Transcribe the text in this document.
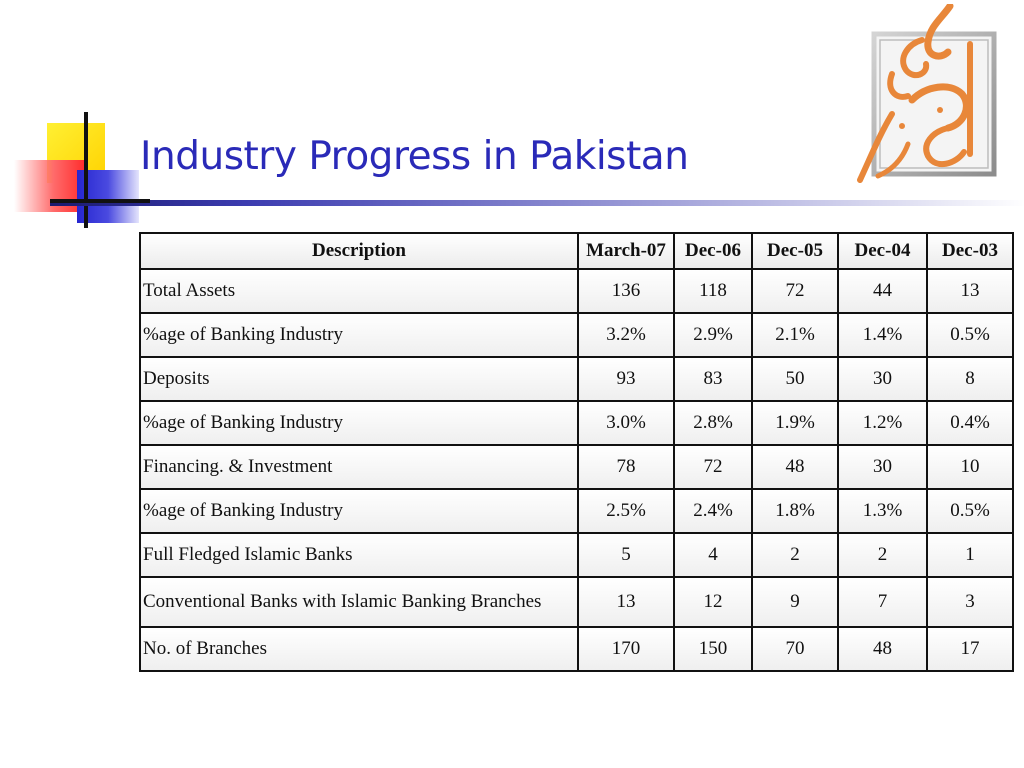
Industry Progress in Pakistan
Description	March-07	Dec-06	Dec-05	Dec-04	Dec-03
Total Assets	136	118	72	44	13
%age of Banking Industry	3.2%	2.9%	2.1%	1.4%	0.5%
Deposits	93	83	50	30	8
%age of Banking Industry	3.0%	2.8%	1.9%	1.2%	0.4%
Financing. & Investment	78	72	48	30	10
%age of Banking Industry	2.5%	2.4%	1.8%	1.3%	0.5%
Full Fledged Islamic Banks	5	4	2	2	1
Conventional Banks with Islamic Banking Branches	13	12	9	7	3
No. of Branches	170	150	70	48	17
